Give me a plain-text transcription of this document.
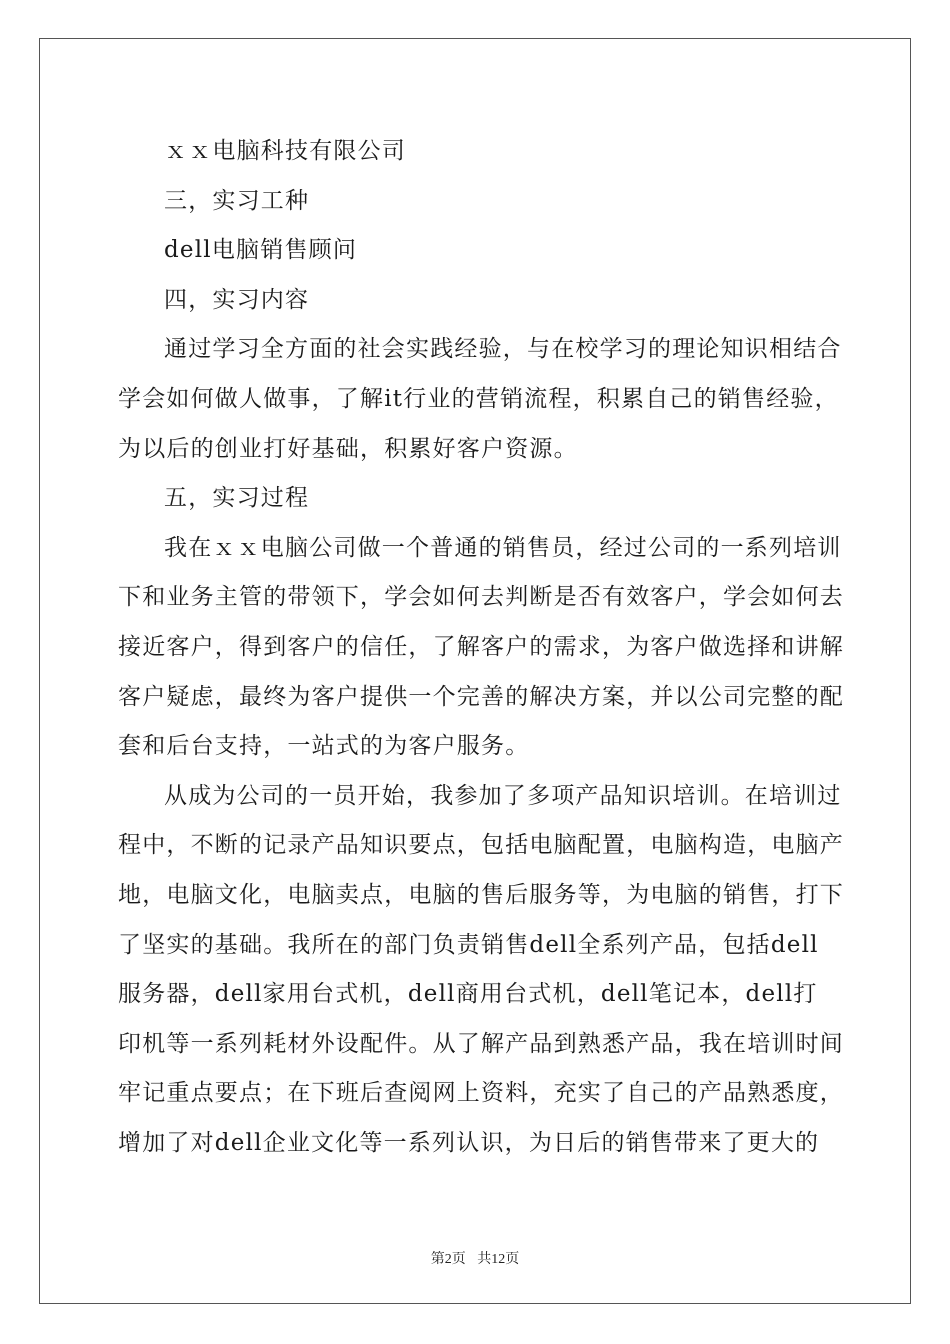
ｘｘ电脑科技有限公司
三，实习工种
dell电脑销售顾问
四，实习内容
通过学习全方面的社会实践经验，与在校学习的理论知识相结合
学会如何做人做事，了解it行业的营销流程，积累自己的销售经验，
为以后的创业打好基础，积累好客户资源。
五，实习过程
我在ｘｘ电脑公司做一个普通的销售员，经过公司的一系列培训
下和业务主管的带领下，学会如何去判断是否有效客户，学会如何去
接近客户，得到客户的信任，了解客户的需求，为客户做选择和讲解
客户疑虑，最终为客户提供一个完善的解决方案，并以公司完整的配
套和后台支持，一站式的为客户服务。
从成为公司的一员开始，我参加了多项产品知识培训。在培训过
程中，不断的记录产品知识要点，包括电脑配置，电脑构造，电脑产
地，电脑文化，电脑卖点，电脑的售后服务等，为电脑的销售，打下
了坚实的基础。我所在的部门负责销售dell全系列产品，包括dell
服务器，dell家用台式机，dell商用台式机，dell笔记本，dell打
印机等一系列耗材外设配件。从了解产品到熟悉产品，我在培训时间
牢记重点要点；在下班后查阅网上资料，充实了自己的产品熟悉度，
增加了对dell企业文化等一系列认识，为日后的销售带来了更大的
第2页 共12页
